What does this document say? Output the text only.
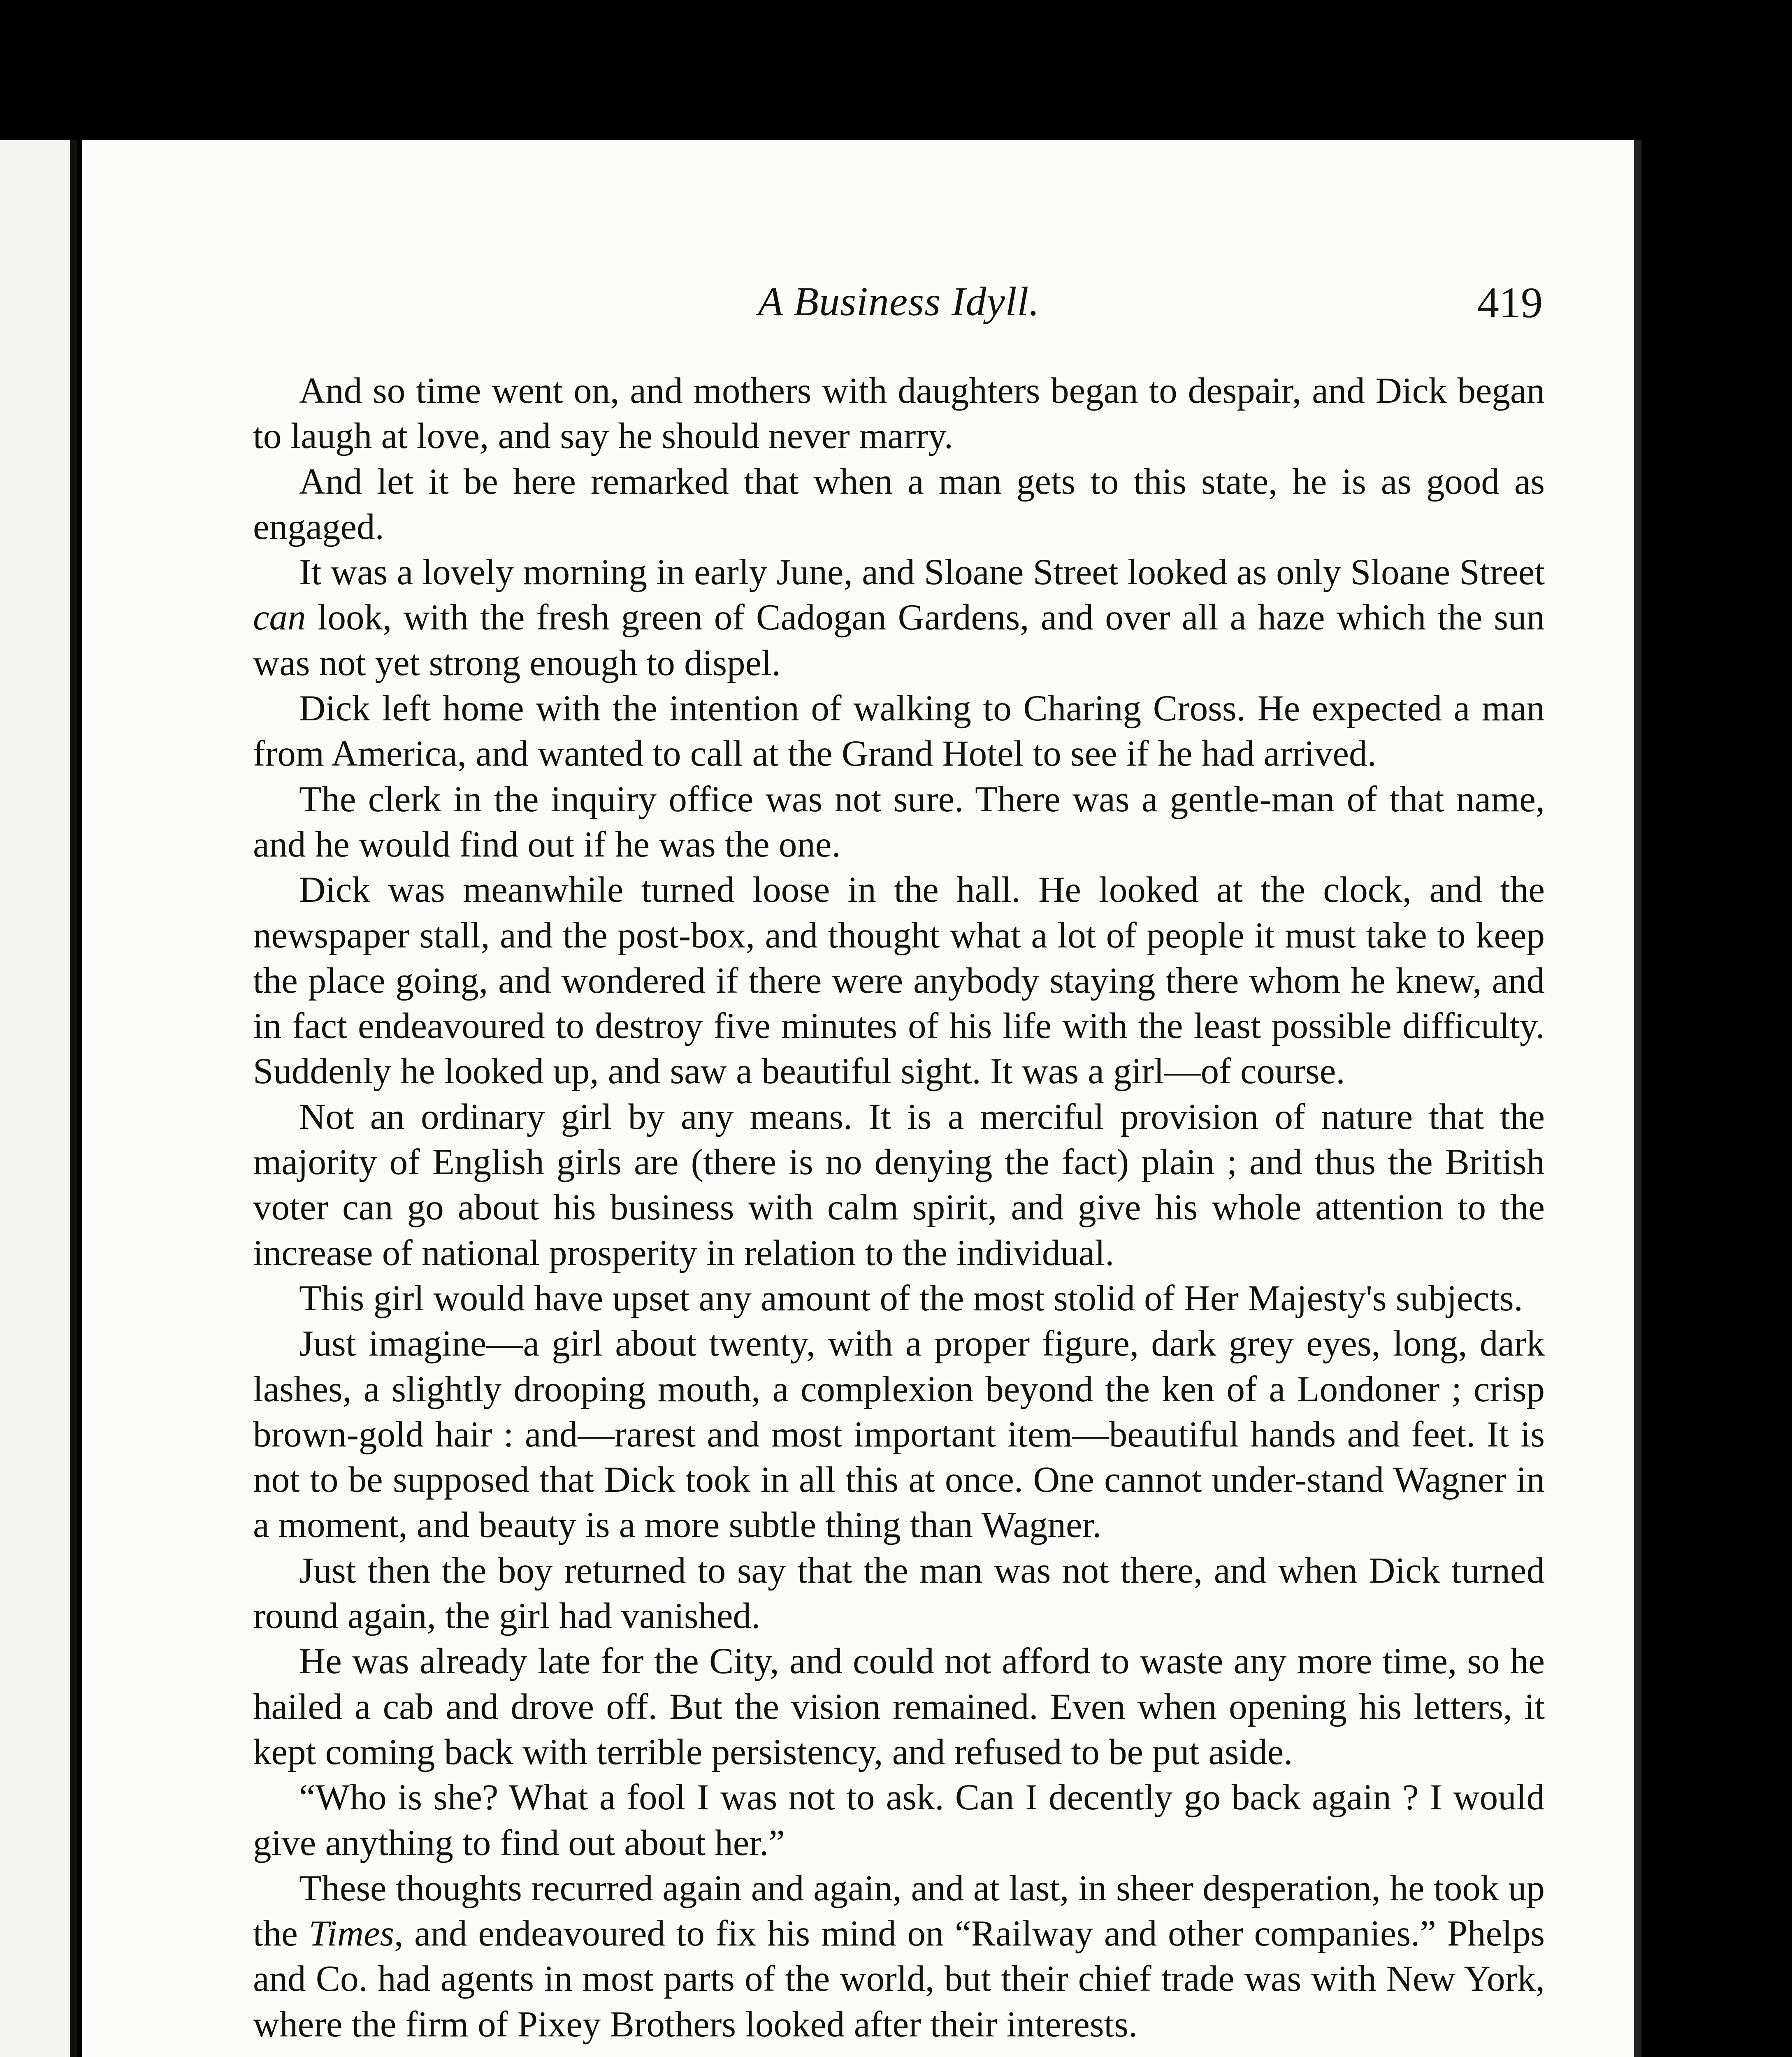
A Business Idyll.	419

And so time went on, and mothers with daughters began to despair, and Dick began to laugh at love, and say he should never marry.

And let it be here remarked that when a man gets to this state, he is as good as engaged.

It was a lovely morning in early June, and Sloane Street looked as only Sloane Street can look, with the fresh green of Cadogan Gardens, and over all a haze which the sun was not yet strong enough to dispel.

Dick left home with the intention of walking to Charing Cross. He expected a man from America, and wanted to call at the Grand Hotel to see if he had arrived.

The clerk in the inquiry office was not sure. There was a gentle-man of that name, and he would find out if he was the one.

Dick was meanwhile turned loose in the hall. He looked at the clock, and the newspaper stall, and the post-box, and thought what a lot of people it must take to keep the place going, and wondered if there were anybody staying there whom he knew, and in fact endeavoured to destroy five minutes of his life with the least possible difficulty. Suddenly he looked up, and saw a beautiful sight. It was a girl—of course.

Not an ordinary girl by any means. It is a merciful provision of nature that the majority of English girls are (there is no denying the fact) plain ; and thus the British voter can go about his business with calm spirit, and give his whole attention to the increase of national prosperity in relation to the individual.

This girl would have upset any amount of the most stolid of Her Majesty's subjects.

Just imagine—a girl about twenty, with a proper figure, dark grey eyes, long, dark lashes, a slightly drooping mouth, a complexion beyond the ken of a Londoner ; crisp brown-gold hair : and—rarest and most important item—beautiful hands and feet. It is not to be supposed that Dick took in all this at once. One cannot under-stand Wagner in a moment, and beauty is a more subtle thing than Wagner.

Just then the boy returned to say that the man was not there, and when Dick turned round again, the girl had vanished.

He was already late for the City, and could not afford to waste any more time, so he hailed a cab and drove off. But the vision remained. Even when opening his letters, it kept coming back with terrible persistency, and refused to be put aside.

“Who is she? What a fool I was not to ask. Can I decently go back again ? I would give anything to find out about her.”

These thoughts recurred again and again, and at last, in sheer desperation, he took up the Times, and endeavoured to fix his mind on “Railway and other companies.” Phelps and Co. had agents in most parts of the world, but their chief trade was with New York, where the firm of Pixey Brothers looked after their interests.
